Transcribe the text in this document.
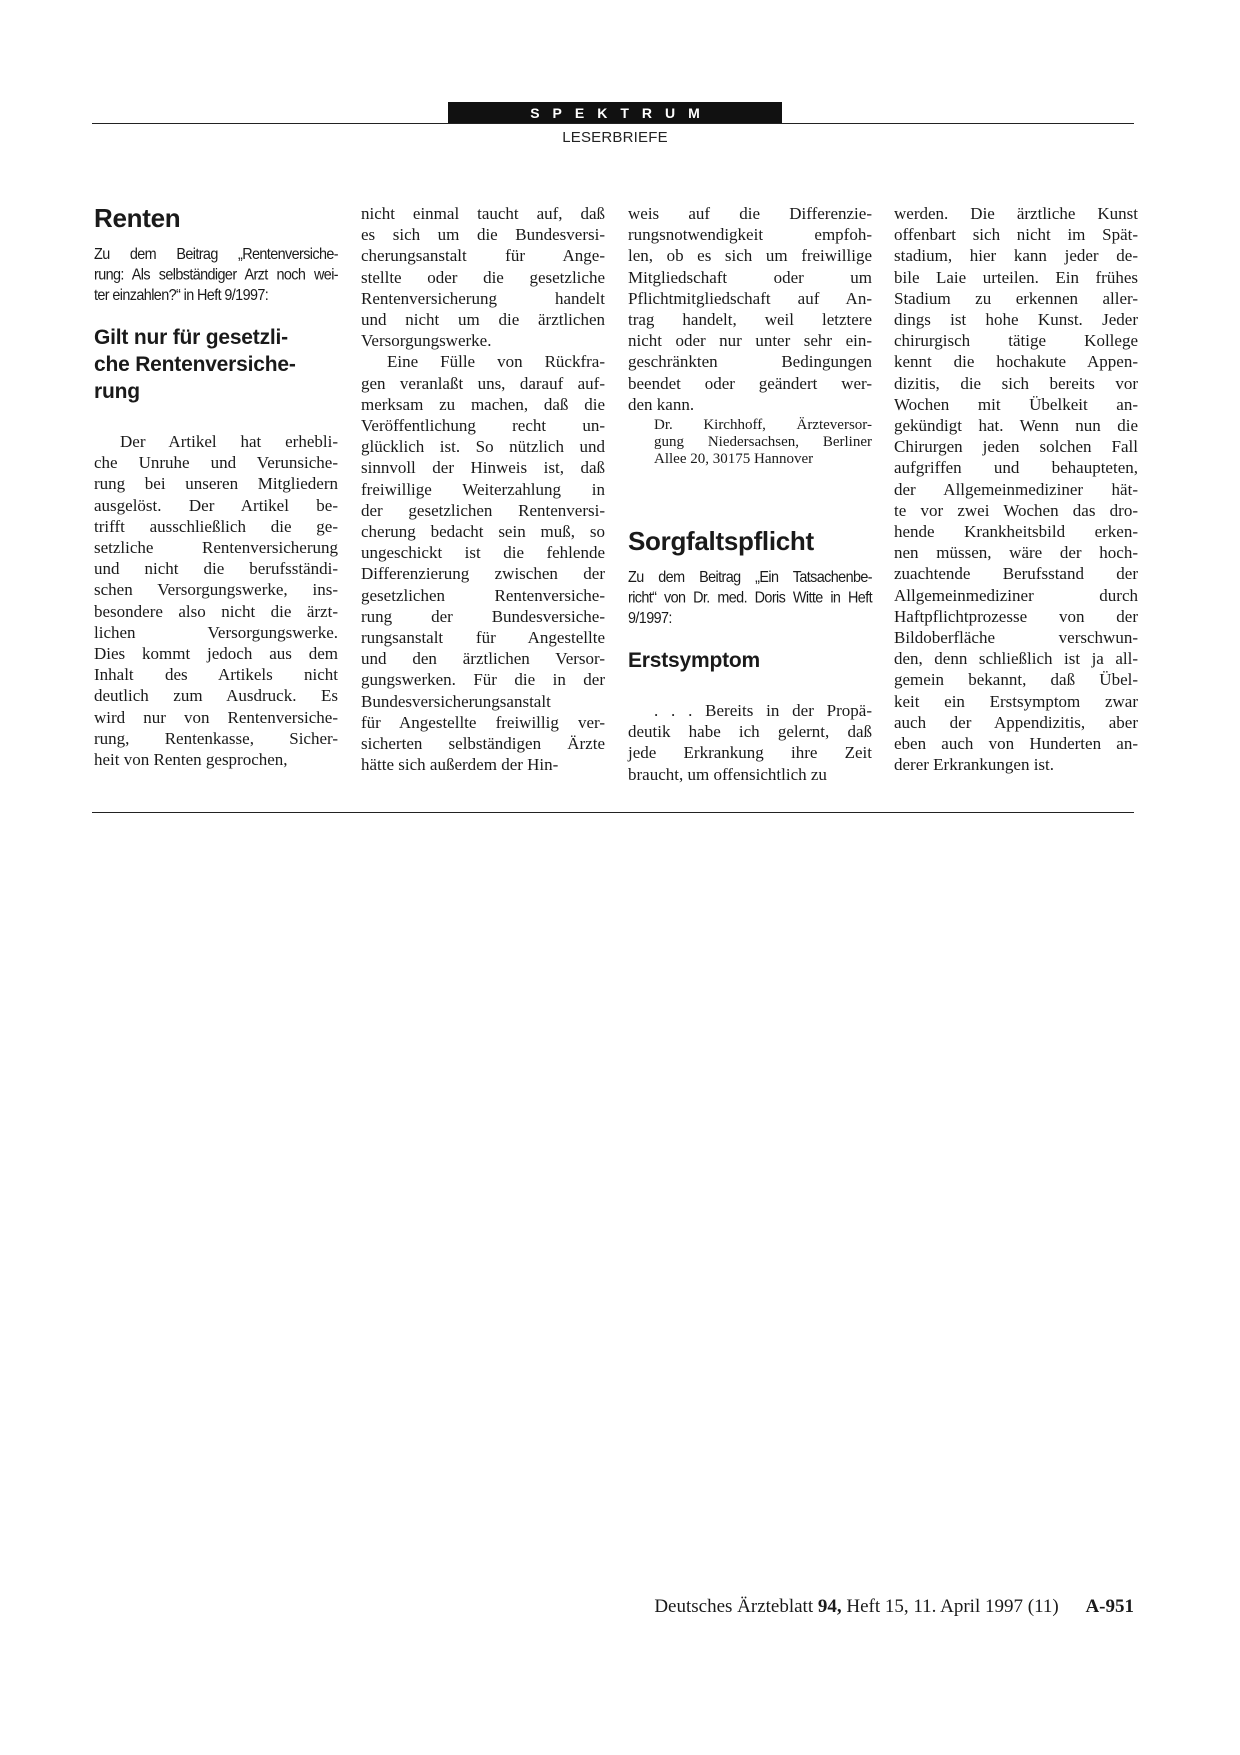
SPEKTRUM
LESERBRIEFE
Renten
Zu dem Beitrag „Rentenversiche-
rung: Als selbständiger Arzt noch wei-
ter einzahlen?“ in Heft 9/1997:
Gilt nur für gesetzli-
che Rentenversiche-
rung
Der Artikel hat erhebli-
che Unruhe und Verunsiche-
rung bei unseren Mitgliedern
ausgelöst. Der Artikel be-
trifft ausschließlich die ge-
setzliche Rentenversicherung
und nicht die berufsständi-
schen Versorgungswerke, ins-
besondere also nicht die ärzt-
lichen Versorgungswerke.
Dies kommt jedoch aus dem
Inhalt des Artikels nicht
deutlich zum Ausdruck. Es
wird nur von Rentenversiche-
rung, Rentenkasse, Sicher-
heit von Renten gesprochen,
nicht einmal taucht auf, daß
es sich um die Bundesversi-
cherungsanstalt für Ange-
stellte oder die gesetzliche
Rentenversicherung handelt
und nicht um die ärztlichen
Versorgungswerke.
Eine Fülle von Rückfra-
gen veranlaßt uns, darauf auf-
merksam zu machen, daß die
Veröffentlichung recht un-
glücklich ist. So nützlich und
sinnvoll der Hinweis ist, daß
freiwillige Weiterzahlung in
der gesetzlichen Rentenversi-
cherung bedacht sein muß, so
ungeschickt ist die fehlende
Differenzierung zwischen der
gesetzlichen Rentenversiche-
rung der Bundesversiche-
rungsanstalt für Angestellte
und den ärztlichen Versor-
gungswerken. Für die in der
Bundesversicherungsanstalt
für Angestellte freiwillig ver-
sicherten selbständigen Ärzte
hätte sich außerdem der Hin-
weis auf die Differenzie-
rungsnotwendigkeit empfoh-
len, ob es sich um freiwillige
Mitgliedschaft oder um
Pflichtmitgliedschaft auf An-
trag handelt, weil letztere
nicht oder nur unter sehr ein-
geschränkten Bedingungen
beendet oder geändert wer-
den kann.
Dr. Kirchhoff, Ärzteversor-
gung Niedersachsen, Berliner
Allee 20, 30175 Hannover
Sorgfaltspflicht
Zu dem Beitrag „Ein Tatsachenbe-
richt“ von Dr. med. Doris Witte in Heft
9/1997:
Erstsymptom
. . . Bereits in der Propä-
deutik habe ich gelernt, daß
jede Erkrankung ihre Zeit
braucht, um offensichtlich zu
werden. Die ärztliche Kunst
offenbart sich nicht im Spät-
stadium, hier kann jeder de-
bile Laie urteilen. Ein frühes
Stadium zu erkennen aller-
dings ist hohe Kunst. Jeder
chirurgisch tätige Kollege
kennt die hochakute Appen-
dizitis, die sich bereits vor
Wochen mit Übelkeit an-
gekündigt hat. Wenn nun die
Chirurgen jeden solchen Fall
aufgriffen und behaupteten,
der Allgemeinmediziner hät-
te vor zwei Wochen das dro-
hende Krankheitsbild erken-
nen müssen, wäre der hoch-
zuachtende Berufsstand der
Allgemeinmediziner durch
Haftpflichtprozesse von der
Bildoberfläche verschwun-
den, denn schließlich ist ja all-
gemein bekannt, daß Übel-
keit ein Erstsymptom zwar
auch der Appendizitis, aber
eben auch von Hunderten an-
derer Erkrankungen ist.
Deutsches Ärzteblatt 94, Heft 15, 11. April 1997 (11) A-951
